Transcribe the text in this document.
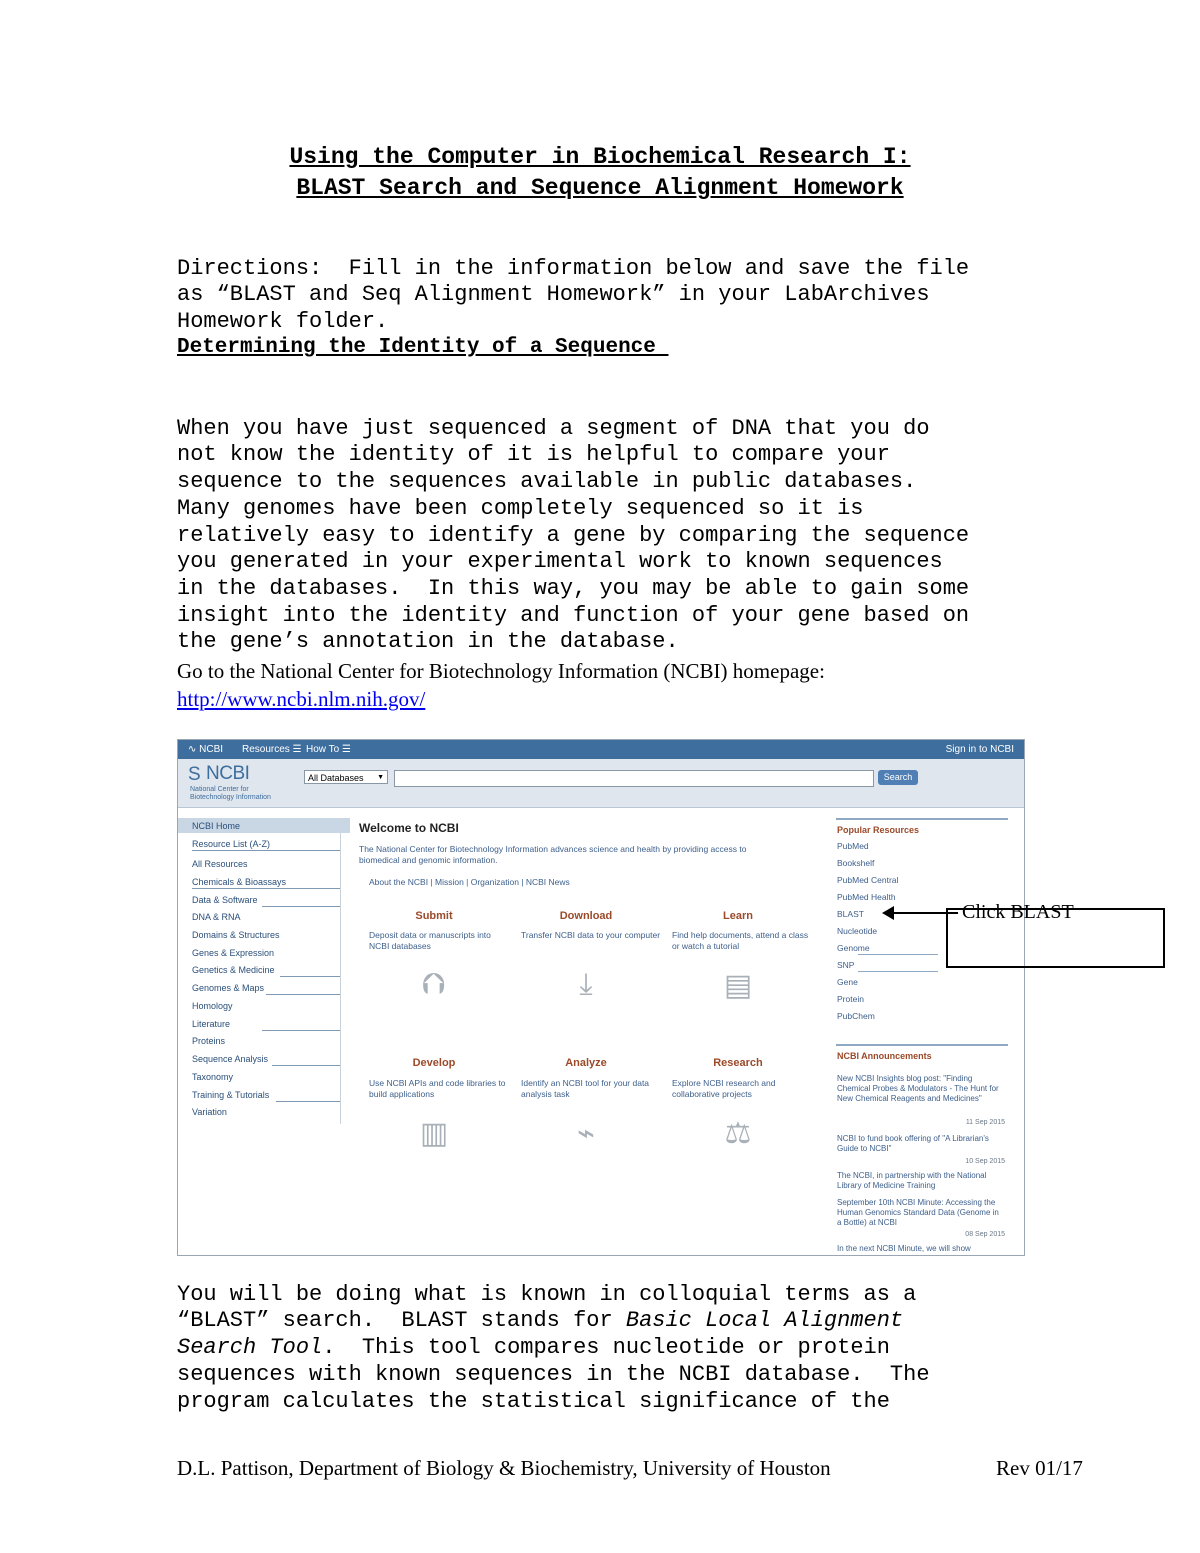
Using the Computer in Biochemical Research I:
BLAST Search and Sequence Alignment Homework

Directions:  Fill in the information below and save the file
as “BLAST and Seq Alignment Homework” in your LabArchives
Homework folder.

Determining the Identity of a Sequence

When you have just sequenced a segment of DNA that you do
not know the identity of it is helpful to compare your
sequence to the sequences available in public databases.
Many genomes have been completely sequenced so it is
relatively easy to identify a gene by comparing the sequence
you generated in your experimental work to known sequences
in the databases.  In this way, you may be able to gain some
insight into the identity and function of your gene based on
the gene’s annotation in the database.

Go to the National Center for Biotechnology Information (NCBI) homepage:
http://www.ncbi.nlm.nih.gov/
∿ NCBI Resources ☰ How To ☰	Sign in to NCBI
S NCBI
National Center for Biotechnology Information
All Databases ▼	Search
NCBI Home
Resource List (A-Z)
All Resources
Chemicals & Bioassays
Data & Software
DNA & RNA
Domains & Structures
Genes & Expression
Genetics & Medicine
Genomes & Maps
Homology
Literature
Proteins
Sequence Analysis
Taxonomy
Training & Tutorials
Variation
Welcome to NCBI
The National Center for Biotechnology Information advances science and health by providing access to biomedical and genomic information.
About the NCBI | Mission | Organization | NCBI News
Submit
Deposit data or manuscripts into NCBI databases
⮉
Download
Transfer NCBI data to your computer
⤓
Learn
Find help documents, attend a class or watch a tutorial
▤
Develop
Use NCBI APIs and code libraries to build applications
▥
Analyze
Identify an NCBI tool for your data analysis task
⌁
Research
Explore NCBI research and collaborative projects
⚖
Popular Resources
PubMed
Bookshelf
PubMed Central
PubMed Health
BLAST
Nucleotide
Genome
SNP
Gene
Protein
PubChem
NCBI Announcements
New NCBI Insights blog post: "Finding Chemical Probes & Modulators - The Hunt for New Chemical Reagents and Medicines"
11 Sep 2015
NCBI to fund book offering of "A Librarian's Guide to NCBI"
10 Sep 2015
The NCBI, in partnership with the National Library of Medicine Training
September 10th NCBI Minute: Accessing the Human Genomics Standard Data (Genome in a Bottle) at NCBI
08 Sep 2015
In the next NCBI Minute, we will show
Click BLAST

You will be doing what is known in colloquial terms as a
“BLAST” search.  BLAST stands for Basic Local Alignment
Search Tool.  This tool compares nucleotide or protein
sequences with known sequences in the NCBI database.  The
program calculates the statistical significance of the

D.L. Pattison, Department of Biology & Biochemistry, University of Houston	Rev 01/17
